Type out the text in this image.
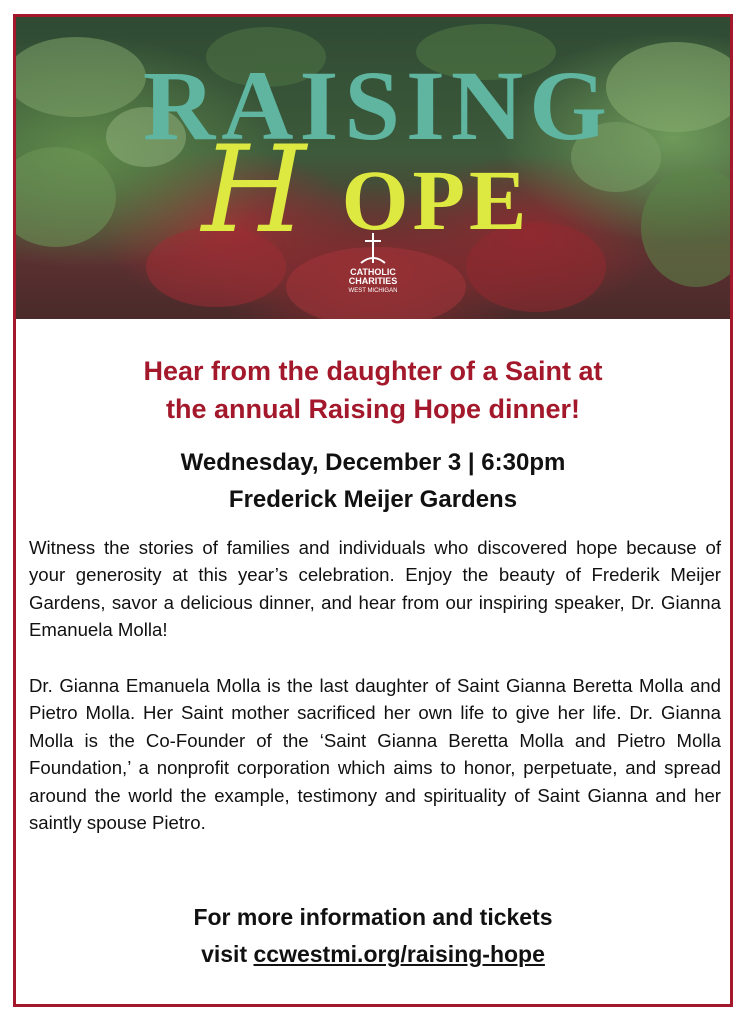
RAISING
H OPE
CATHOLIC
CHARITIES
WEST MICHIGAN
Hear from the daughter of a Saint at
the annual Raising Hope dinner!
Wednesday, December 3 | 6:30pm
Frederick Meijer Gardens

Witness the stories of families and individuals who discovered hope because of your generosity at this year’s celebration. Enjoy the beauty of Frederik Meijer Gardens, savor a delicious dinner, and hear from our inspiring speaker, Dr. Gianna Emanuela Molla!

Dr. Gianna Emanuela Molla is the last daughter of Saint Gianna Beretta Molla and Pietro Molla. Her Saint mother sacrificed her own life to give her life. Dr. Gianna Molla is the Co-Founder of the ‘Saint Gianna Beretta Molla and Pietro Molla Foundation,’ a nonprofit corporation which aims to honor, perpetuate, and spread around the world the example, testimony and spirituality of Saint Gianna and her saintly spouse Pietro.

For more information and tickets
visit ccwestmi.org/raising-hope
